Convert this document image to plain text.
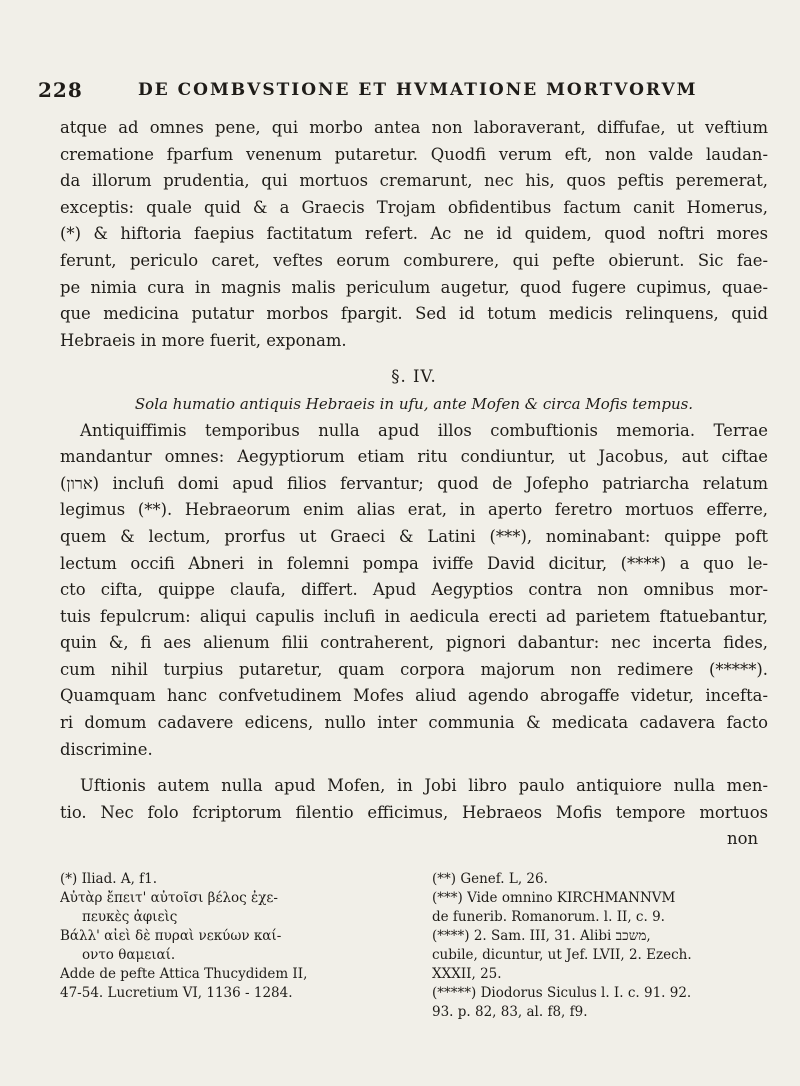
228	DE COMBVSTIONE ET HVMATIONE MORTVORVM
atque ad omnes pene, qui morbo antea non laboraverant, diffufae, ut veftium
crematione fparfum venenum putaretur. Quodfi verum eft, non valde laudan-
da illorum prudentia, qui mortuos cremarunt, nec his, quos peftis peremerat,
exceptis: quale quid & a Graecis Trojam obfidentibus factum canit Homerus,
(*) & hiftoria faepius factitatum refert. Ac ne id quidem, quod noftri mores
ferunt, periculo caret, veftes eorum comburere, qui pefte obierunt. Sic fae-
pe nimia cura in magnis malis periculum augetur, quod fugere cupimus, quae-
que medicina putatur morbos fpargit. Sed id totum medicis relinquens, quid
Hebraeis in more fuerit, exponam.
§. IV.
Sola humatio antiquis Hebraeis in ufu, ante Mofen & circa Mofis tempus.
Antiquiffimis temporibus nulla apud illos combuftionis memoria. Terrae
mandantur omnes: Aegyptiorum etiam ritu condiuntur, ut Jacobus, aut ciftae
(ארון) inclufi domi apud filios fervantur; quod de Jofepho patriarcha relatum
legimus (**). Hebraeorum enim alias erat, in aperto feretro mortuos efferre,
quem & lectum, prorfus ut Graeci & Latini (***), nominabant: quippe poft
lectum occifi Abneri in folemni pompa iviffe David dicitur, (****) a quo le-
cto cifta, quippe claufa, differt. Apud Aegyptios contra non omnibus mor-
tuis fepulcrum: aliqui capulis inclufi in aedicula erecti ad parietem ftatuebantur,
quin &, fi aes alienum filii contraherent, pignori dabantur: nec incerta fides,
cum nihil turpius putaretur, quam corpora majorum non redimere (*****).
Quamquam hanc confvetudinem Mofes aliud agendo abrogaffe videtur, incefta-
ri domum cadavere edicens, nullo inter communia & medicata cadavera facto
discrimine.
Uftionis autem nulla apud Mofen, in Jobi libro paulo antiquiore nulla men-
tio. Nec folo fcriptorum filentio efficimus, Hebraeos Mofis tempore mortuos
non
(*) Iliad. A, f1.
Αὐτὰρ ἔπειτ' αὐτοῖσι βέλος ἐχε-
πευκὲς ἀφιεὶς
Βάλλ' αἰεὶ δὲ πυραὶ νεκύων καί-
οντο θαμειαί.
Adde de pefte Attica Thucydidem II,
47-54. Lucretium VI, 1136 - 1284.
(**) Genef. L, 26.
(***) Vide omnino KIRCHMANNVM
de funerib. Romanorum. l. II, c. 9.
(****) 2. Sam. III, 31. Alibi משכב,
cubile, dicuntur, ut Jef. LVII, 2. Ezech.
XXXII, 25.
(*****) Diodorus Siculus l. I. c. 91. 92.
93. p. 82, 83, al. f8, f9.
